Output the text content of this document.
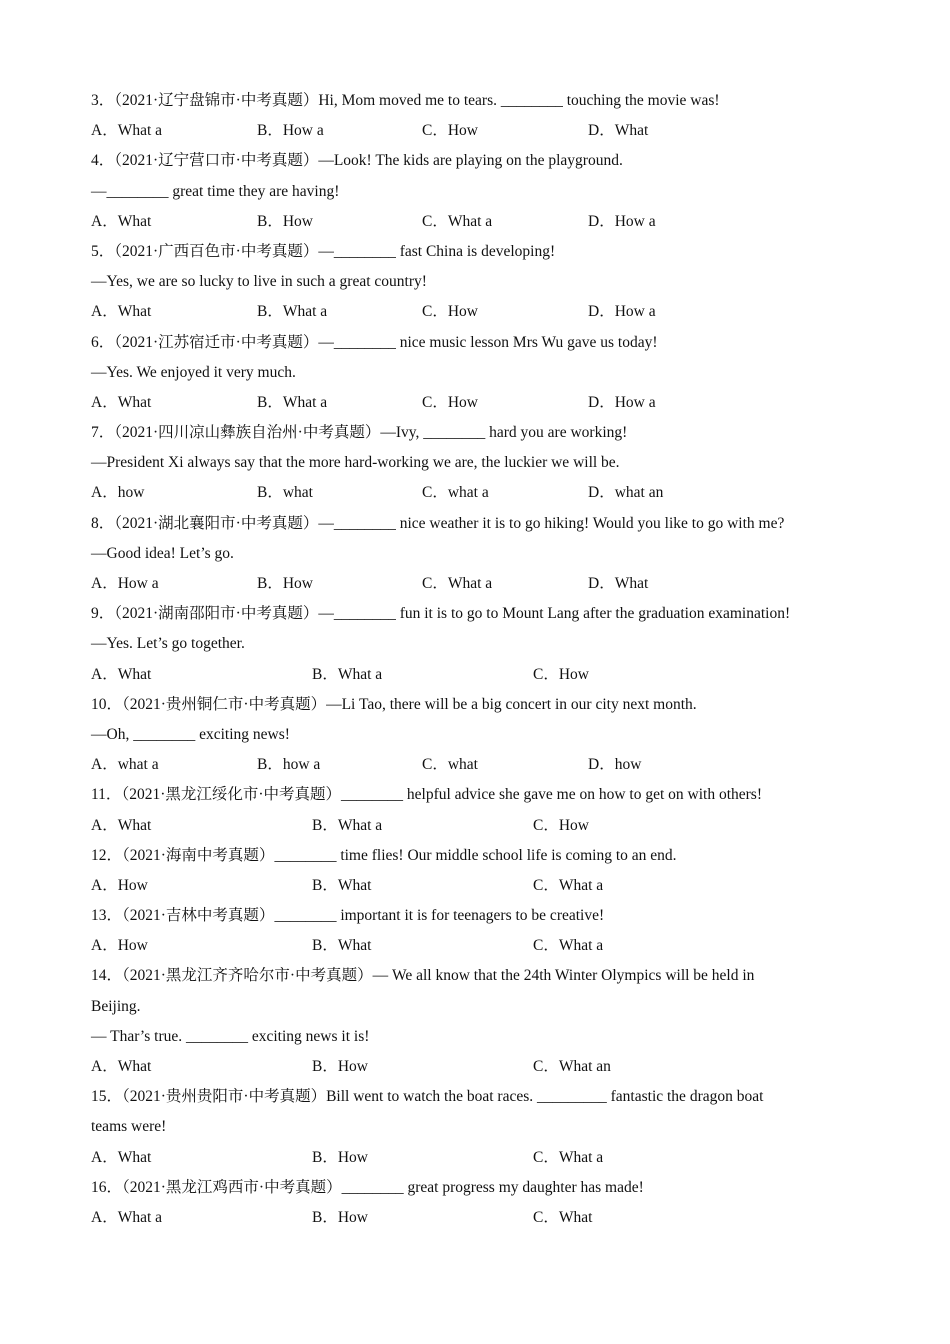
3．（2021·辽宁盘锦市·中考真题）Hi, Mom moved me to tears. ________ touching the movie was!
A．What a	B．How a	C．How	D．What
4．（2021·辽宁营口市·中考真题）—Look! The kids are playing on the playground.
—________ great time they are having!
A．What	B．How	C．What a	D．How a
5．（2021·广西百色市·中考真题）—________ fast China is developing!
—Yes, we are so lucky to live in such a great country!
A．What	B．What a	C．How	D．How a
6．（2021·江苏宿迁市·中考真题）—________ nice music lesson Mrs Wu gave us today!
—Yes. We enjoyed it very much.
A．What	B．What a	C．How	D．How a
7．（2021·四川凉山彝族自治州·中考真题）—Ivy, ________ hard you are working!
—President Xi always say that the more hard-working we are, the luckier we will be.
A．how	B．what	C．what a	D．what an
8．（2021·湖北襄阳市·中考真题）—________ nice weather it is to go hiking! Would you like to go with me?
—Good idea! Let’s go.
A．How a	B．How	C．What a	D．What
9．（2021·湖南邵阳市·中考真题）—________ fun it is to go to Mount Lang after the graduation examination!
—Yes. Let’s go together.
A．What	B．What a	C．How
10．（2021·贵州铜仁市·中考真题）—Li Tao, there will be a big concert in our city next month.
—Oh, ________ exciting news!
A．what a	B．how a	C．what	D．how
11．（2021·黑龙江绥化市·中考真题）________ helpful advice she gave me on how to get on with others!
A．What	B．What a	C．How
12．（2021·海南中考真题）________ time flies! Our middle school life is coming to an end.
A．How	B．What	C．What a
13．（2021·吉林中考真题）________ important it is for teenagers to be creative!
A．How	B．What	C．What a
14．（2021·黑龙江齐齐哈尔市·中考真题）— We all know that the 24th Winter Olympics will be held in
Beijing.
— Thar’s true. ________ exciting news it is!
A．What	B．How	C．What an
15．（2021·贵州贵阳市·中考真题）Bill went to watch the boat races. _________ fantastic the dragon boat
teams were!
A．What	B．How	C．What a
16．（2021·黑龙江鸡西市·中考真题）________ great progress my daughter has made!
A．What a	B．How	C．What
